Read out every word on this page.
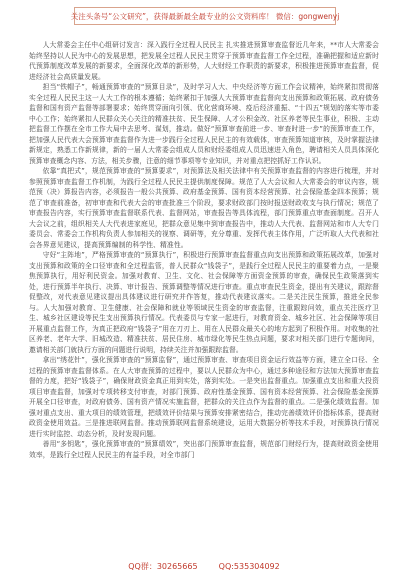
关注头条号“公文研究”，获得最新最全最专业的公文资料库！ 微信：gongwenyj

人大常委会主任中心组研讨发言：深入践行全过程人民民主 扎实推进预算审查监督近几年来，**市人大常委会始终坚持以人民为中心的发展思想，把发展全过程人民民主贯穿于预算审查监督工作全过程，准确把握和适应新时代预算制度改革发展的新要求，全面深化改革的新形势，人大财经工作职责的新要求，积极推进预算审查监督，促进经济社会高质量发展。

担当“铁帽子”，畅通预算审查的“预算目录”，及时学习人大、中央经济等方面工作会议精神，始终紧扣贯彻落实全过程人民民主这一人大工作的根本遵循；始终紧扣于加强人大预算审查监督向支出预算和政策拓展、政府债务监督和国有资产监督等部署要求；始终贯穿面向引领、优化营商环境、疫后经济重振、“十四五”规划的落实等市委中心工作；始终紧扣人民群众关心关注的精准扶贫、民生保障、人才公积金改、社区养老等民生事业，积极、主动把监督工作摆在全市工作大局中去思考、谋划，推动。做好“预算审查前进一步、审查时进一步”的预算审查工作，把加强人民代表大会预算审查监督作为进一步践行全过程人民民主的有效载体，审查预算知道审核，及时掌握法律新规定，熟悉工作新规律，新的一届人大常委会组成人员和财经委组成人员迅速进入角色，聘请相关人员具体深化预算审查概念内容、方法，相关步骤，注意的细节事项等专业知识，并对重点把控抓好工作认识。

依靠“真把式”，规范预算审查的“预算要求”，对预算法及相关法律中有关预算审查监督的内容进行梳理，并对参照预算审查监督工作机制，为践行全过程人民民主提供制度保障。规范了人大会议和人大常委会的审议内容，规范预（决）算报告内容，必须报告一般公共预算、政府基金预算、国有资本经营预算、社会保险基金四本预算；规范了审查前准备，初审审查和代表大会的审查批准三个阶段，要求财政部门按时报送财政收支与执行情况；规范了审查报告内容，实行预算审查监督联系代表、监督网站，审查报告等具体流程，部门预算重点审查面制度。召开人大会议之前，组织相关人大代表进家庭见，把群众意见集中到审查报告中，推动人大代表、监督网站和市人大专门委员会、常委会工作机构负责人参加相关的视察、调研等，充分尊重、发挥代表主体作用，广泛听取人大代表和社会各界意见建议，提高预算编制的科学性、精准性。

守好“主阵地”，严格预算审查的“预算执行”，积极进行预算审查监督重点向支出预算和政策拓展改革，加强对支出预算和政策的全口径审查和全过程监管，普人民群众“钱袋子”，是践行全过程人民民主的重要着力点，一是聚焦预算执行，用好利民资金。加强对教育、卫生、文化、社会保障等方面资金预算的审查，确保民生政策落到实处，进行预算半年执行、决算、审计报告、预算调整等情况进行审查。重点审查民生资金，提出有关建议，跟踪督促整改，对代表意见建议提出具体建议进行研究并作答复，推动代表建议落实。二是关注民生预算，推进全民参与。人大加强对教育、卫生健康、社会保障和就业等领域民生资金的审查监督，注重跟踪问效，重点关注医疗卫生、城乡社区建设等民生支出预算执行情况。代表委员与专家一起进行，对教育资金、城乡社区、社会保障等项目开展重点监督工作，为真正把政府“钱袋子”用在刀刃上、用在人民群众最关心的地方起到了积极作用。对收集的社区养老、老年大学、旧城改造、精准扶贫、居民住房、城市绿化等民生热点问题，要求对相关部门进行专题询问，邀请相关部门就执行方面的问题进行说明，持续关注并加强跟踪监督。

拿出“绣花针”，强化预算审查的“预算监督”，通过预算审查、审查项目资金运行效益等方面，建立全口径、全过程的预算审查监督体系。在人大审查预算的过程中，要以人民群众为中心，通过多种途径和方法加大预算审查监督的力度，把好“钱袋子”，确保财政资金真正用到实处，落到实处。一是突出监督重点。加强重点支出和重大投资项目审查监督，加强对专项转移支付审查，对部门预算、政府性基金预算、国有资本经营预算、社会保险基金预算开展全口径审查，对政府债务、国有资产情况实施监督，把群众的关注点作为监督的重点。二是强化绩效监督。加强对重点支出、重大项目的绩效管理，把绩效评价结果与预算安排紧密结合，推动完善绩效评价指标体系，提高财政资金使用效益。三是推进联网监督。推动预算联网监督系统建设，运用大数据分析等技术手段，对预算执行情况进行实时监控、动态分析，及时发现问题。

善用“多钥匙”，强化预算审查的“预算绩效”，突出部门预算审查监督，规范部门财经行为，提高财政资金使用效率，是践行全过程人民民主的有益手段，对全市部门

QQ群：30265665	QQ:535304092
